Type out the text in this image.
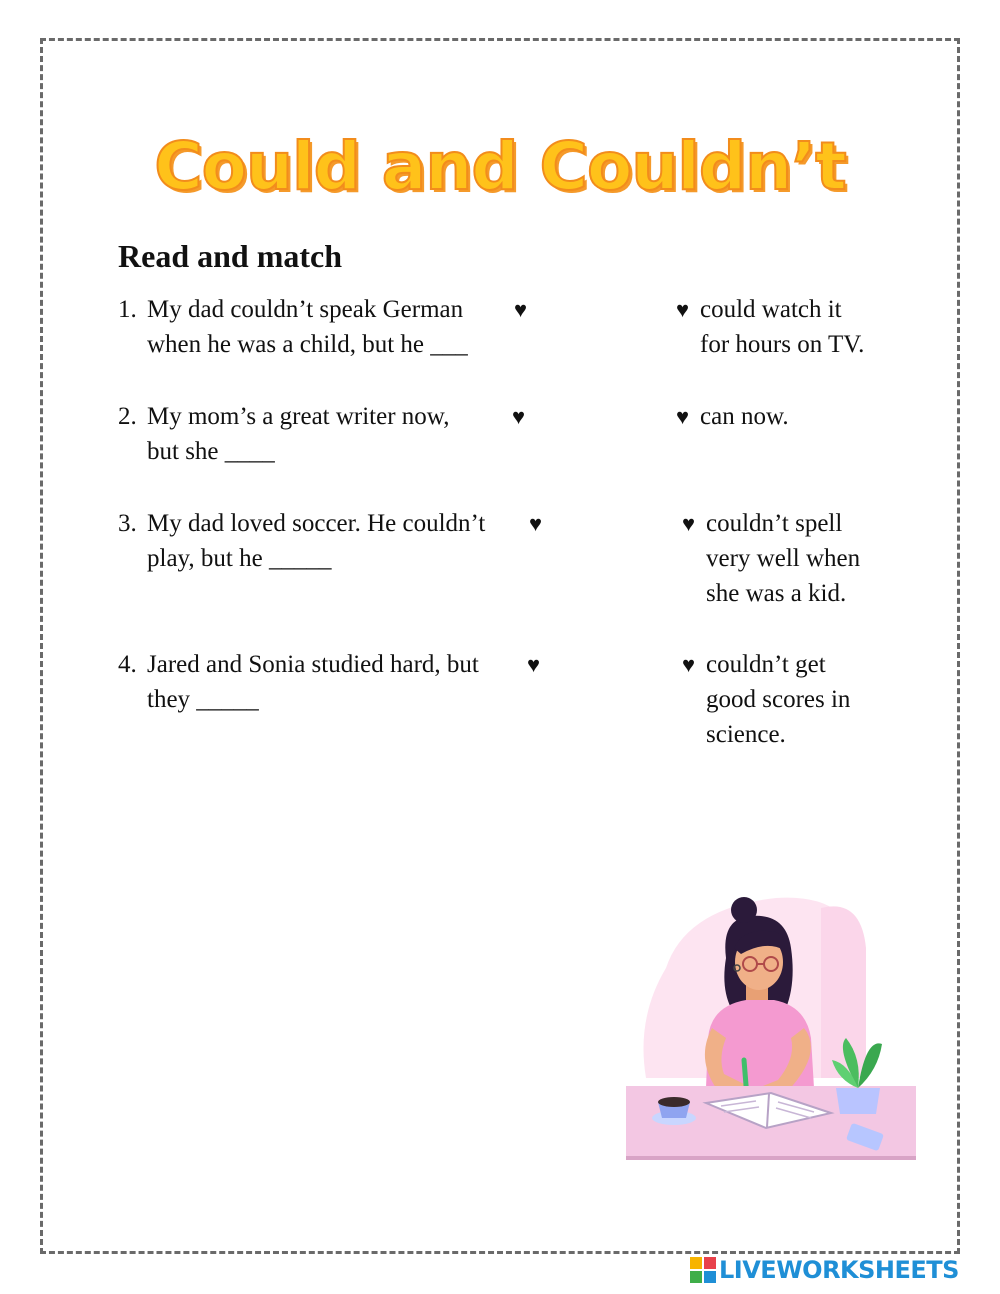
Could and Couldn’t
Read and match
1. My dad couldn’t speak German
when he was a child, but he ___
♥	♥ could watch it
for hours on TV.
2. My mom’s a great writer now,
but she ____
♥	♥ can now.
3. My dad loved soccer. He couldn’t
play, but he _____
♥	♥ couldn’t spell
very well when
she was a kid.
4. Jared and Sonia studied hard, but
they _____
♥	♥ couldn’t get
good scores in
science.
LIVEWORKSHEETS
